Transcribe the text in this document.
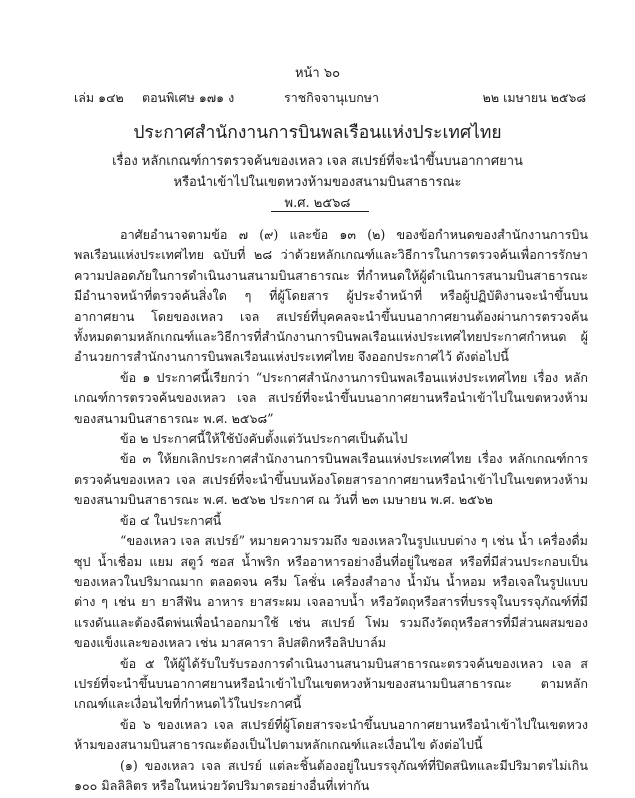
หน้า ๖๐
เล่ม ๑๔๒ ตอนพิเศษ ๑๗๑ ง	ราชกิจจานุเบกษา	๒๒ เมษายน ๒๕๖๘
ประกาศสำนักงานการบินพลเรือนแห่งประเทศไทย
เรื่อง หลักเกณฑ์การตรวจค้นของเหลว เจล สเปรย์ที่จะนำขึ้นบนอากาศยาน
หรือนำเข้าไปในเขตหวงห้ามของสนามบินสาธารณะ
พ.ศ. ๒๕๖๘

อาศัยอำนาจตามข้อ ๗ (๙) และข้อ ๑๓ (๒) ของข้อกำหนดของสำนักงานการบินพลเรือนแห่งประเทศไทย ฉบับที่ ๒๘ ว่าด้วยหลักเกณฑ์และวิธีการในการตรวจค้นเพื่อการรักษาความปลอดภัยในการดำเนินงานสนามบินสาธารณะ ที่กำหนดให้ผู้ดำเนินการสนามบินสาธารณะมีอำนาจหน้าที่ตรวจค้นสิ่งใด ๆ ที่ผู้โดยสาร ผู้ประจำหน้าที่ หรือผู้ปฏิบัติงานจะนำขึ้นบนอากาศยาน โดยของเหลว เจล สเปรย์ที่บุคคลจะนำขึ้นบนอากาศยานต้องผ่านการตรวจค้นทั้งหมดตามหลักเกณฑ์และวิธีการที่สำนักงานการบินพลเรือนแห่งประเทศไทยประกาศกำหนด ผู้อำนวยการสำนักงานการบินพลเรือนแห่งประเทศไทย จึงออกประกาศไว้ ดังต่อไปนี้

ข้อ ๑ ประกาศนี้เรียกว่า “ประกาศสำนักงานการบินพลเรือนแห่งประเทศไทย เรื่อง หลักเกณฑ์การตรวจค้นของเหลว เจล สเปรย์ที่จะนำขึ้นบนอากาศยานหรือนำเข้าไปในเขตหวงห้ามของสนามบินสาธารณะ พ.ศ. ๒๕๖๘”

ข้อ ๒ ประกาศนี้ให้ใช้บังคับตั้งแต่วันประกาศเป็นต้นไป

ข้อ ๓ ให้ยกเลิกประกาศสำนักงานการบินพลเรือนแห่งประเทศไทย เรื่อง หลักเกณฑ์การตรวจค้นของเหลว เจล สเปรย์ที่จะนำขึ้นบนห้องโดยสารอากาศยานหรือนำเข้าไปในเขตหวงห้ามของสนามบินสาธารณะ พ.ศ. ๒๕๖๒ ประกาศ ณ วันที่ ๒๓ เมษายน พ.ศ. ๒๕๖๒

ข้อ ๔ ในประกาศนี้

“ของเหลว เจล สเปรย์” หมายความรวมถึง ของเหลวในรูปแบบต่าง ๆ เช่น น้ำ เครื่องดื่ม ซุป น้ำเชื่อม แยม สตูว์ ซอส น้ำพริก หรืออาหารอย่างอื่นที่อยู่ในซอส หรือที่มีส่วนประกอบเป็นของเหลวในปริมาณมาก ตลอดจน ครีม โลชั่น เครื่องสำอาง น้ำมัน น้ำหอม หรือเจลในรูปแบบต่าง ๆ เช่น ยา ยาสีฟัน อาหาร ยาสระผม เจลอาบน้ำ หรือวัตถุหรือสารที่บรรจุในบรรจุภัณฑ์ที่มีแรงดันและต้องฉีดพ่นเพื่อนำออกมาใช้ เช่น สเปรย์ โฟม รวมถึงวัตถุหรือสารที่มีส่วนผสมของของแข็งและของเหลว เช่น มาสคารา ลิปสติกหรือลิปบาล์ม

ข้อ ๕ ให้ผู้ได้รับใบรับรองการดำเนินงานสนามบินสาธารณะตรวจค้นของเหลว เจล สเปรย์ที่จะนำขึ้นบนอากาศยานหรือนำเข้าไปในเขตหวงห้ามของสนามบินสาธารณะ ตามหลักเกณฑ์และเงื่อนไขที่กำหนดไว้ในประกาศนี้

ข้อ ๖ ของเหลว เจล สเปรย์ที่ผู้โดยสารจะนำขึ้นบนอากาศยานหรือนำเข้าไปในเขตหวงห้ามของสนามบินสาธารณะต้องเป็นไปตามหลักเกณฑ์และเงื่อนไข ดังต่อไปนี้

(๑) ของเหลว เจล สเปรย์ แต่ละชิ้นต้องอยู่ในบรรจุภัณฑ์ที่ปิดสนิทและมีปริมาตรไม่เกิน ๑๐๐ มิลลิลิตร หรือในหน่วยวัดปริมาตรอย่างอื่นที่เท่ากัน
